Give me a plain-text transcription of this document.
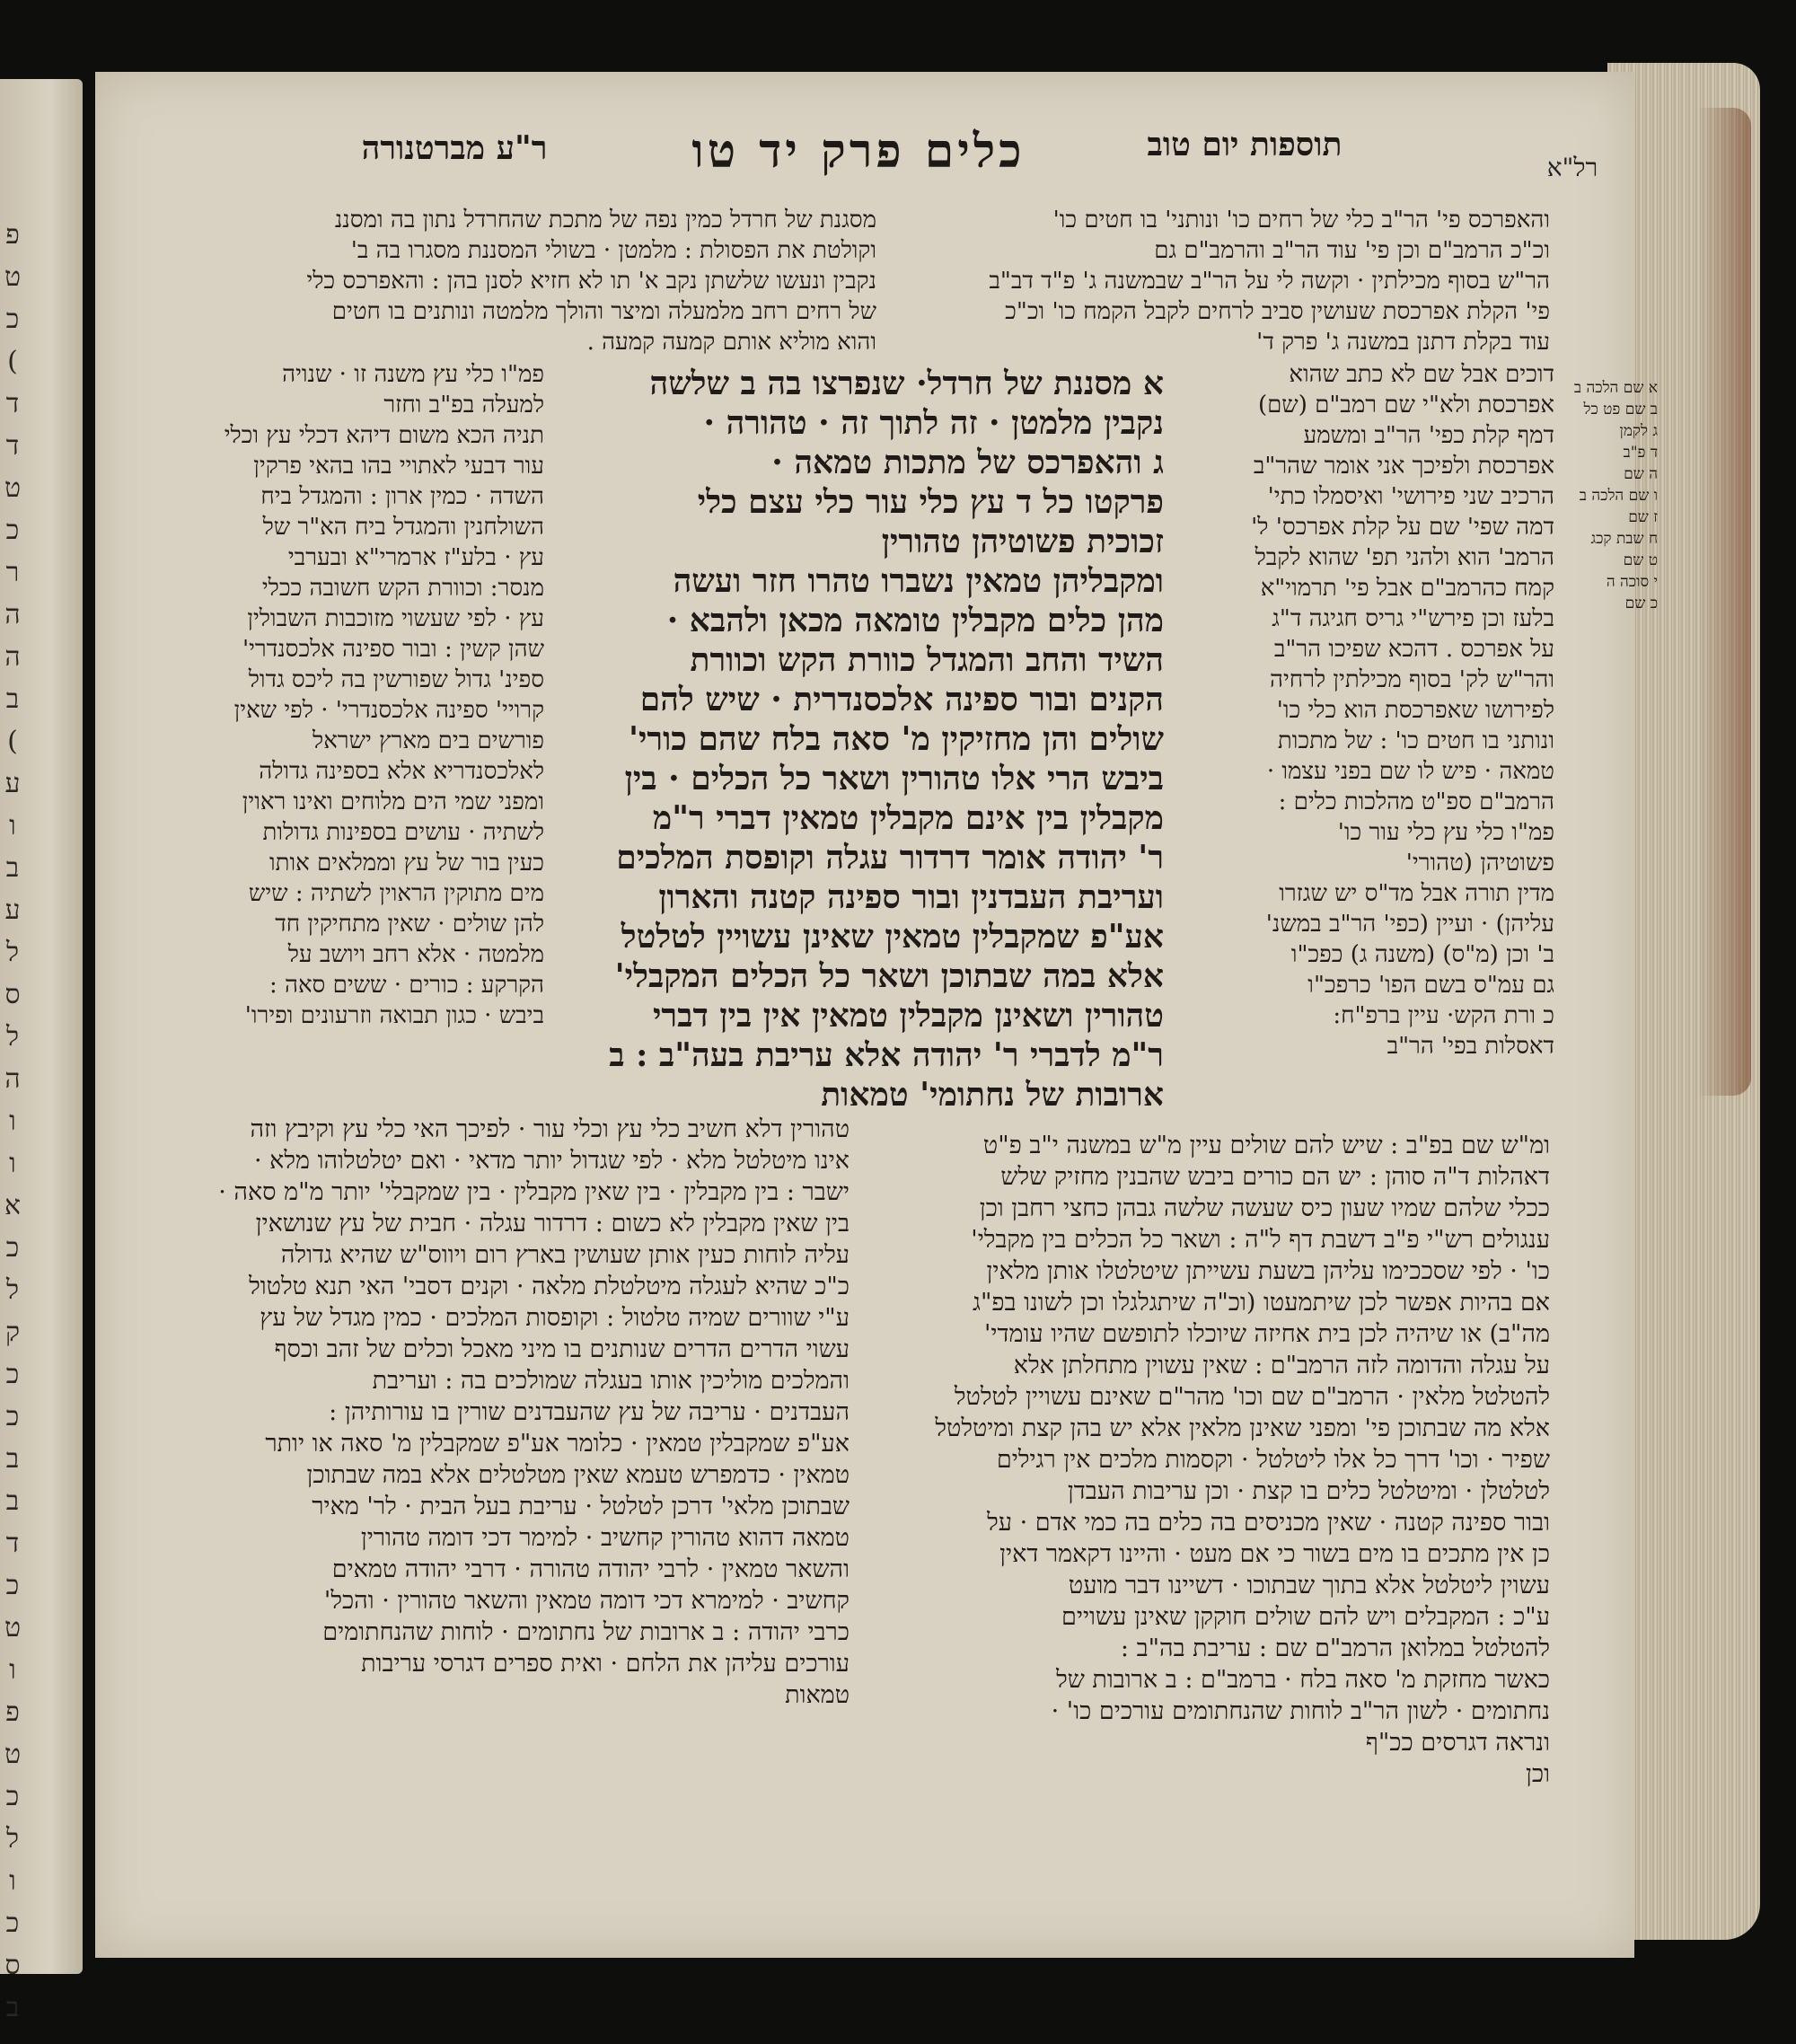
פ
ט
כ
(
ד
ד
ט
כ
ר
ה
ה
ב
(
ע
ו
ב
ע
ל
ס
ל
ה
ו
ו
א
כ
ל
ק
כ
כ
ב
ב
ד
כ
ט
ו
פ
ט
כ
ל
ו
כ
ס
ב
תוספות יום טוב
כלים פרק יד טו
ר"ע מברטנורה
רל"א
והאפרכס פי' הר"ב כלי של רחים כו' ונותני' בו חטים כו'
וכ"כ הרמב"ם וכן פי' עוד הר"ב והרמב"ם גם
הר"ש בסוף מכילתין · וקשה לי על הר"ב שבמשנה ג' פ"ד דב"ב
פי' הקלת אפרכסת שעושין סביב לרחים לקבל הקמח כו' וכ"כ
עוד בקלת דתנן במשנה ג' פרק ד'
מסגנת של חרדל כמין נפה של מתכת שהחרדל נתון בה ומסננ
וקולטת את הפסולת : מלמטן · בשולי המסננת מסגרו בה ב'
נקבין ונעשו שלשתן נקב א' תו לא חזיא לסנן בהן : והאפרכס כלי
של רחים רחב מלמעלה ומיצר והולך מלמטה ונותנים בו חטים
והוא מוליא אותם קמעה קמעה .
דוכים אבל שם לא כתב שהוא
אפרכסת ולא"י שם רמב"ם (שם)
דמף קלת כפי' הר"ב ומשמע
אפרכסת ולפיכך אני אומר שהר"ב
הרכיב שני פירושי' ואיסמלו כתי'
דמה שפי' שם על קלת אפרכס' ל'
הרמב' הוא ולהני תפ' שהוא לקבל
קמח כהרמב"ם אבל פי' תרמוי"א
בלעז וכן פירש"י גריס חגיגה ד"ג
על אפרכס . דהכא שפיכו הר"ב
והר"ש לק' בסוף מכילתין לרחיה
לפירושו שאפרכסת הוא כלי כו'
ונותני בו חטים כו' : של מתכות
טמאה · פיש לו שם בפני עצמו ·
הרמב"ם ספ"ט מהלכות כלים :
פמ"ו כלי עץ כלי עור כו'
פשוטיהן (טהורי'
מדין תורה אבל מד"ס יש שגזרו
עליהן) · ועיין (כפי' הר"ב במשנ'
ב' וכן (מ"ס) (משנה ג) כפכ"ו
גם עמ"ס בשם הפו' כרפכ"ו
כ ורת הקש· עיין ברפ"ח:
דאסלות בפי' הר"ב
א מסננת של חרדל· שנפרצו בה ב שלשה
נקבין מלמטן · זה לתוך זה · טהורה ·
ג והאפרכס של מתכות טמאה ·
פרקטו כל ד עץ כלי עור כלי עצם כלי
זכוכית פשוטיהן טהורין
ומקבליהן טמאין נשברו טהרו חזר ועשה
מהן כלים מקבלין טומאה מכאן ולהבא ·
השיד והחב והמגדל כוורת הקש וכוורת
הקנים ובור ספינה אלכסנדרית · שיש להם
שולים והן מחזיקין מ' סאה בלח שהם כורי'
ביבש הרי אלו טהורין ושאר כל הכלים · בין
מקבלין בין אינם מקבלין טמאין דברי ר"מ
ר' יהודה אומר דרדור עגלה וקופסת המלכים
ועריבת העבדנין ובור ספינה קטנה והארון
אע"פ שמקבלין טמאין שאינן עשויין לטלטל
אלא במה שבתוכן ושאר כל הכלים המקבלי'
טהורין ושאינן מקבלין טמאין אין בין דברי
ר"מ לדברי ר' יהודה אלא עריבת בעה"ב : ב
ארובות של נחתומי' טמאות
פמ"ו כלי עץ משנה זו · שנויה
למעלה בפ"ב וחזר
תניה הכא משום דיהא דכלי עץ וכלי
עור דבעי לאתויי בהו בהאי פרקין
השדה · כמין ארון : והמגדל ביח
השולחנין והמגדל ביח הא"ר של
עץ · בלע"ז ארמרי"א ובערבי
מנסר: וכוורת הקש חשובה ככלי
עץ · לפי שעשוי מזוכבות השבולין
שהן קשין : ובור ספינה אלכסנדרי'
ספינ' גדול שפורשין בה ליכס גדול
קרויי' ספינה אלכסנדרי' · לפי שאין
פורשים בים מארץ ישראל
לאלכסנדריא אלא בספינה גדולה
ומפני שמי הים מלוחים ואינו ראוין
לשתיה · עושים בספינות גדולות
כעין בור של עץ וממלאים אותו
מים מתוקין הראוין לשתיה : שיש
להן שולים · שאין מתחיקין חד
מלמטה · אלא רחב ויושב על
הקרקע : כורים · ששים סאה :
ביבש · כגון תבואה וזרעונים ופירו'
א שם הלכה ב
ב שם פט כל
ג לקמן
ד פ"ב
ה שם
ו שם הלכה ב
ז שם
ח שבת קכג
ט שם
י סוכה ה
כ שם
טהורין דלא חשיב כלי עץ וכלי עור · לפיכך האי כלי עץ וקיבץ וזה
אינו מיטלטל מלא · לפי שגדול יותר מדאי · ואם יטלטלוהו מלא ·
ישבר : בין מקבלין · בין שאין מקבלין · בין שמקבלי' יותר מ"מ סאה ·
בין שאין מקבלין לא כשום : דרדור עגלה · חבית של עץ שנושאין
עליה לוחות כעין אותן שעושין בארץ רום ויווס"ש שהיא גדולה
כ"כ שהיא לעגלה מיטלטלת מלאה · וקנים דסבי' האי תנא טלטול
ע"י שוורים שמיה טלטול : וקופסות המלכים · כמין מגדל של עץ
עשוי הדרים הדרים שנותנים בו מיני מאכל וכלים של זהב וכסף
והמלכים מוליכין אותו בעגלה שמולכים בה : ועריבת
העבדנים · עריבה של עץ שהעבדנים שורין בו עורותיהן :
אע"פ שמקבלין טמאין · כלומר אע"פ שמקבלין מ' סאה או יותר
טמאין · כדמפרש טעמא שאין מטלטלים אלא במה שבתוכן
שבתוכן מלאי' דרכן לטלטל · עריבת בעל הבית · לר' מאיר
טמאה דהוא טהורין קחשיב · למימר דכי דומה טהורין
והשאר טמאין · לרבי יהודה טהורה · דרבי יהודה טמאים
קחשיב · למימרא דכי דומה טמאין והשאר טהורין · והכל'
כרבי יהודה : ב ארובות של נחתומים · לוחות שהנחתומים
עורכים עליהן את הלחם · ואית ספרים דגרסי עריבות
טמאות
ומ"ש שם בפ"ב : שיש להם שולים עיין מ"ש במשנה י"ב פ"ט
דאהלות ד"ה סוהן : יש הם כורים ביבש שהבנין מחזיק שלש
ככלי שלהם שמיו שעון כיס שעשה שלשה גבהן כחצי רחבן וכן
ענגולים רש"י פ"ב דשבת דף ל"ה : ושאר כל הכלים בין מקבלי'
כו' · לפי שסככימו עליהן בשעת עשייתן שיטלטלו אותן מלאין
אם בהיות אפשר לכן שיתמעטו (וכ"ה שיתגלגלו וכן לשונו בפ"ג
מה"ב) או שיהיה לכן בית אחיזה שיוכלו לתופשם שהיו עומדי'
על עגלה והדומה לזה הרמב"ם : שאין עשוין מתחלתן אלא
להטלטל מלאין · הרמב"ם שם וכו' מהר"ם שאינם עשויין לטלטל
אלא מה שבתוכן פי' ומפני שאינן מלאין אלא יש בהן קצת ומיטלטל
שפיר · וכו' דרך כל אלו ליטלטל · וקסמות מלכים אין רגילים
לטלטלן · ומיטלטל כלים בו קצת · וכן עריבות העבדן
ובור ספינה קטנה · שאין מכניסים בה כלים בה כמי אדם · על
כן אין מתכים בו מים בשור כי אם מעט · והיינו דקאמר דאין
עשוין ליטלטל אלא בתוך שבתוכו · דשיינו דבר מועט
ע"כ : המקבלים ויש להם שולים חוקקן שאינן עשויים
להטלטל במלואן הרמב"ם שם : עריבת בה"ב :
כאשר מחזקת מ' סאה בלח · ברמב"ם : ב ארובות של
נחתומים · לשון הר"ב לוחות שהנחתומים עורכים כו' ·
ונראה דגרסים ככ"ף
וכן
